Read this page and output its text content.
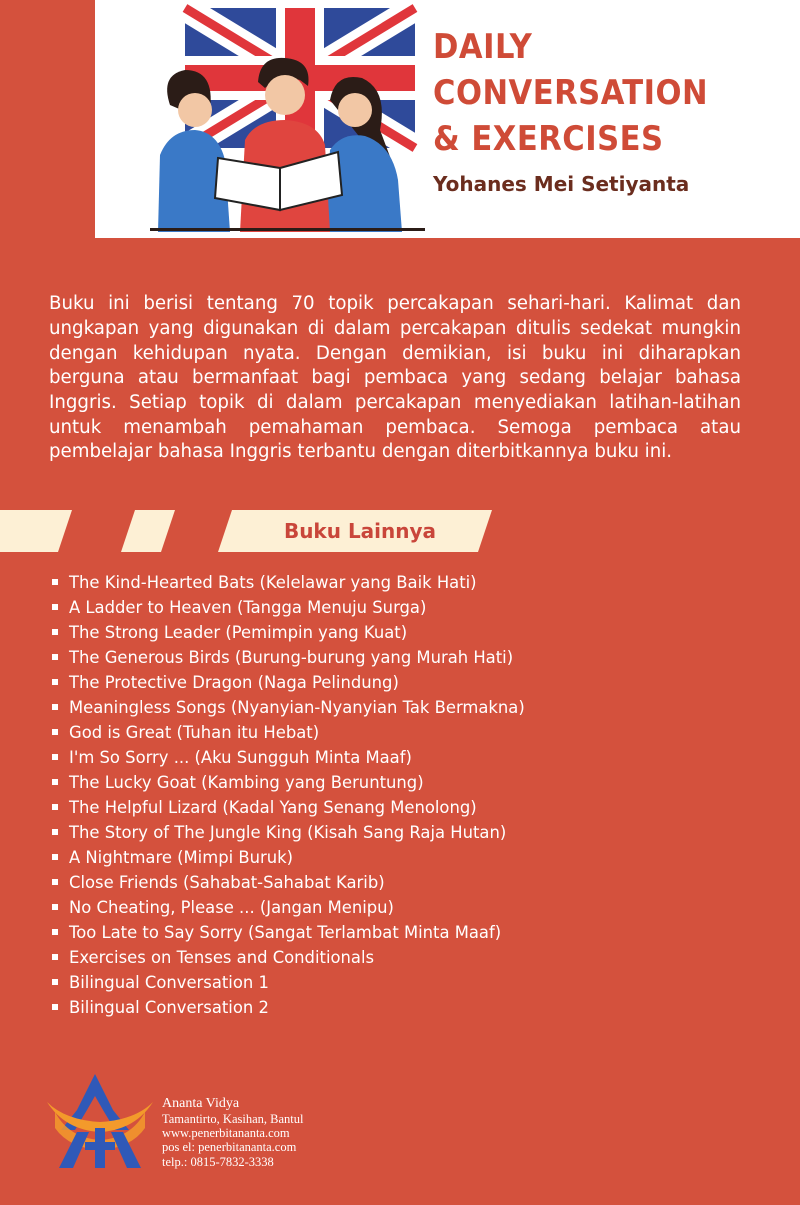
DAILY
CONVERSATION
& EXERCISES
Yohanes Mei Setiyanta

Buku ini berisi tentang 70 topik percakapan sehari-hari. Kalimat dan ungkapan yang digunakan di dalam percakapan ditulis sedekat mungkin dengan kehidupan nyata. Dengan demikian, isi buku ini diharapkan berguna atau bermanfaat bagi pembaca yang sedang belajar bahasa Inggris. Setiap topik di dalam percakapan menyediakan latihan-latihan untuk menambah pemahaman pembaca. Semoga pembaca atau pembelajar bahasa Inggris terbantu dengan diterbitkannya buku ini.

Buku Lainnya
The Kind-Hearted Bats (Kelelawar yang Baik Hati)
A Ladder to Heaven (Tangga Menuju Surga)
The Strong Leader (Pemimpin yang Kuat)
The Generous Birds (Burung-burung yang Murah Hati)
The Protective Dragon (Naga Pelindung)
Meaningless Songs (Nyanyian-Nyanyian Tak Bermakna)
God is Great (Tuhan itu Hebat)
I'm So Sorry ... (Aku Sungguh Minta Maaf)
The Lucky Goat (Kambing yang Beruntung)
The Helpful Lizard (Kadal Yang Senang Menolong)
The Story of The Jungle King (Kisah Sang Raja Hutan)
A Nightmare (Mimpi Buruk)
Close Friends (Sahabat-Sahabat Karib)
No Cheating, Please ... (Jangan Menipu)
Too Late to Say Sorry (Sangat Terlambat Minta Maaf)
Exercises on Tenses and Conditionals
Bilingual Conversation 1
Bilingual Conversation 2
Ananta Vidya
Tamantirto, Kasihan, Bantul
www.penerbitananta.com
pos el: penerbitananta.com
telp.: 0815-7832-3338
